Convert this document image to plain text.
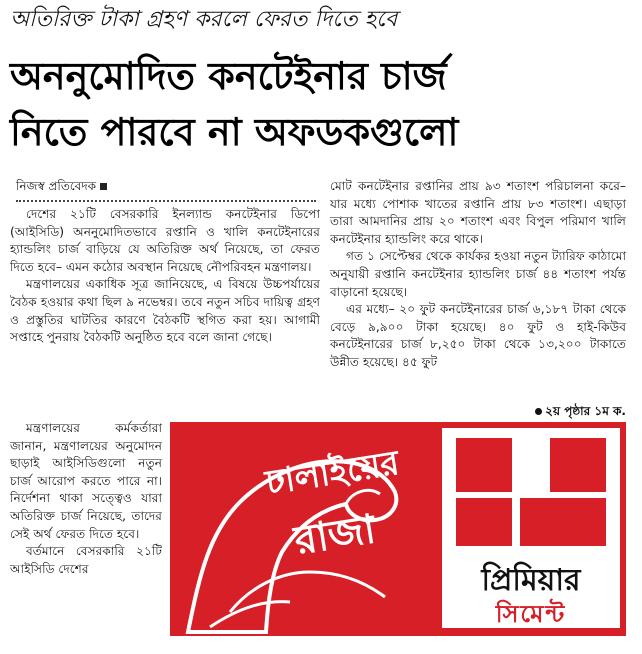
অতিরিক্ত টাকা গ্রহণ করলে ফেরত দিতে হবে
অননুমোদিত কনটেইনার চার্জ
নিতে পারবে না অফডকগুলো
নিজস্ব প্রতিবেদক

দেশের ২১টি বেসরকারি ইনল্যান্ড কনটেইনার ডিপো (আইসিডি) অননুমোদিতভাবে রপ্তানি ও খালি কনটেইনারের হ্যান্ডলিং চার্জ বাড়িয়ে যে অতিরিক্ত অর্থ নিয়েছে, তা ফেরত দিতে হবে– এমন কঠোর অবস্থান নিয়েছে নৌপরিবহন মন্ত্রণালয়।

মন্ত্রণালয়ের একাধিক সূত্র জানিয়েছে, এ বিষয়ে উচ্চপর্যায়ের বৈঠক হওয়ার কথা ছিল ৯ নভেম্বর। তবে নতুন সচিব দায়িত্ব গ্রহণ ও প্রস্তুতির ঘাটতির কারণে বৈঠকটি স্থগিত করা হয়। আগামী সপ্তাহে পুনরায় বৈঠকটি অনুষ্ঠিত হবে বলে জানা গেছে।

মন্ত্রণালয়ের কর্মকর্তারা জানান, মন্ত্রণালয়ের অনুমোদন ছাড়াই আইসিডিগুলো নতুন চার্জ আরোপ করতে পারে না। নির্দেশনা থাকা সত্ত্বেও যারা অতিরিক্ত চার্জ নিয়েছে, তাদের সেই অর্থ ফেরত দিতে হবে।

বর্তমানে বেসরকারি ২১টি আইসিডি দেশের

মোট কনটেইনার রপ্তানির প্রায় ৯৩ শতাংশ পরিচালনা করে– যার মধ্যে পোশাক খাতের রপ্তানি প্রায় ৮৩ শতাংশ। এছাড়া তারা আমদানির প্রায় ২০ শতাংশ এবং বিপুল পরিমাণ খালি কনটেইনার হ্যান্ডলিং করে থাকে।

গত ১ সেপ্টেম্বর থেকে কার্যকর হওয়া নতুন ট্যারিফ কাঠামো অনুযায়ী রপ্তানি কনটেইনার হ্যান্ডলিং চার্জ ৪৪ শতাংশ পর্যন্ত বাড়ানো হয়েছে।

এর মধ্যে– ২০ ফুট কনটেইনারের চার্জ ৬,১৮৭ টাকা থেকে বেড়ে ৯,৯০০ টাকা হয়েছে। ৪০ ফুট ও হাই-কিউব কনটেইনারের চার্জ ৮,২৫০ টাকা থেকে ১৩,২০০ টাকাতে উন্নীত হয়েছে। ৪৫ ফুট

২য় পৃষ্ঠার ১ম ক.
ঢালাইয়ের
রাজা
প্রিমিয়ার
সিমেন্ট
